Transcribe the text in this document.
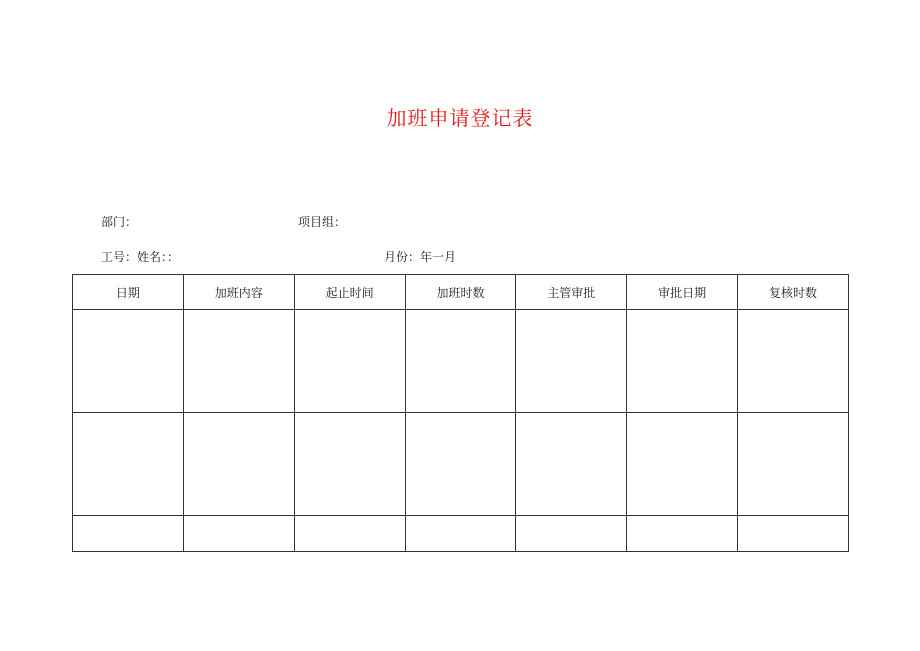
加班申请登记表
部门：	项目组：
工号：姓名：：	月份：年一月
日期	加班内容	起止时间	加班时数	主管审批	审批日期	复核时数
